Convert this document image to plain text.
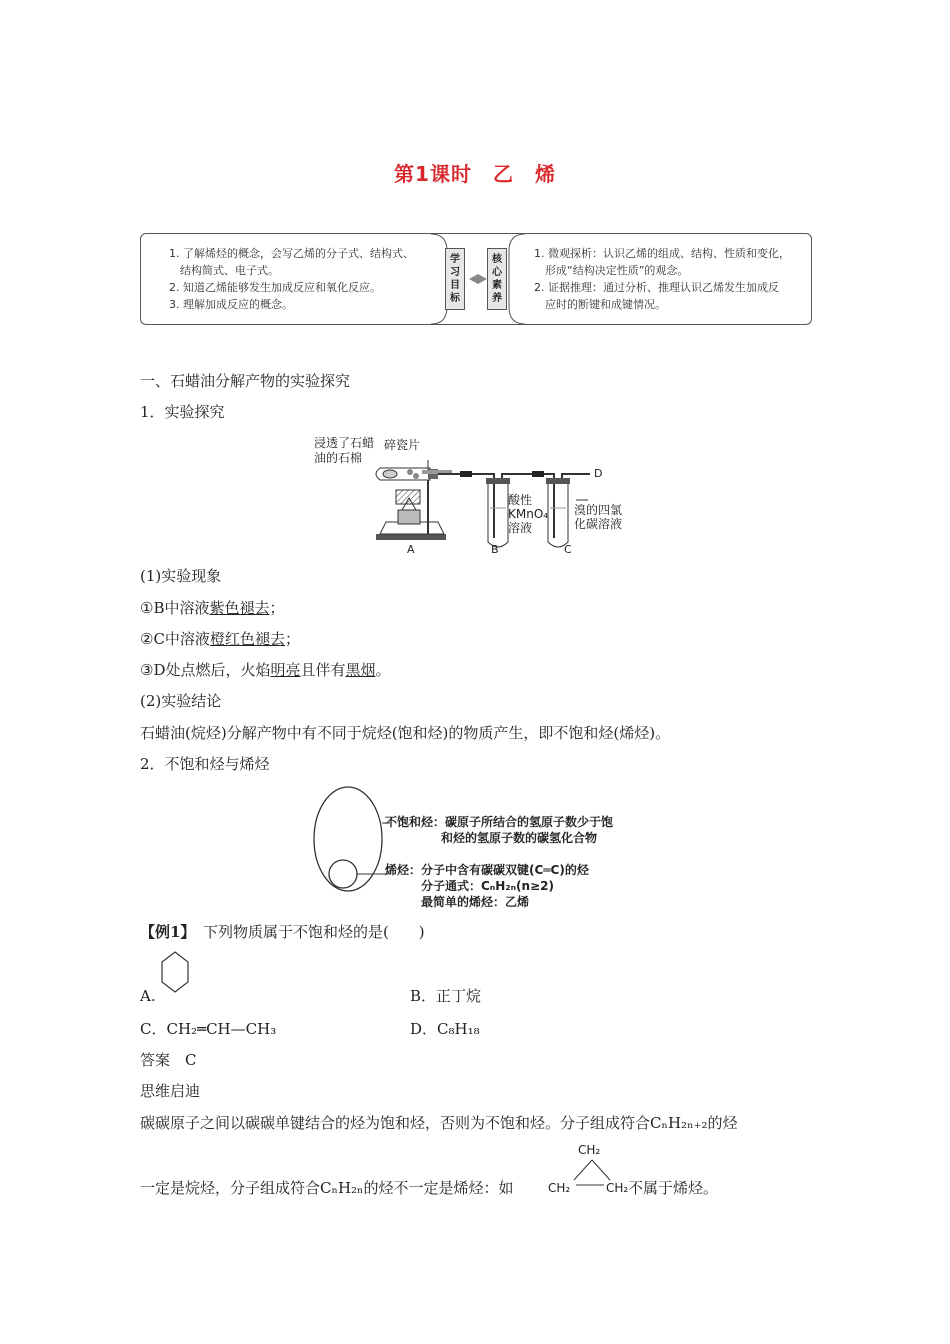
第1课时　乙　烯
1. 了解烯烃的概念，会写乙烯的分子式、结构式、
　结构简式、电子式。
2. 知道乙烯能够发生加成反应和氧化反应。
3. 理解加成反应的概念。
学
习
目
标
核
心
素
养
1. 微观探析：认识乙烯的组成、结构、性质和变化，
　形成“结构决定性质”的观念。
2. 证据推理：通过分析、推理认识乙烯发生加成反
　应时的断键和成键情况。
一、石蜡油分解产物的实验探究
1．实验探究
浸透了石蜡
油的石棉
碎瓷片
酸性
KMnO₄
溶液
溴的四氯
化碳溶液
A	B	C
D
(1)实验现象
①B中溶液紫色褪去；
②C中溶液橙红色褪去；
③D处点燃后，火焰明亮且伴有黑烟。
(2)实验结论
石蜡油(烷烃)分解产物中有不同于烷烃(饱和烃)的物质产生，即不饱和烃(烯烃)。
2．不饱和烃与烯烃
不饱和烃：碳原子所结合的氢原子数少于饱
和烃的氢原子数的碳氢化合物
烯烃：分子中含有碳碳双键(C═C)的烃
分子通式：CₙH₂ₙ(n≥2)
最简单的烯烃：乙烯
【例1】　 下列物质属于不饱和烃的是(　　)
A.	B．正丁烷
C．CH₂═CH—CH₃	D．C₈H₁₈
答案　C
思维启迪
碳碳原子之间以碳碳单键结合的烃为饱和烃，否则为不饱和烃。分子组成符合CₙH₂ₙ₊₂的烃
一定是烷烃，分子组成符合CₙH₂ₙ的烃不一定是烯烃：如
CH₂
CH₂	CH₂ 不属于烯烃。
